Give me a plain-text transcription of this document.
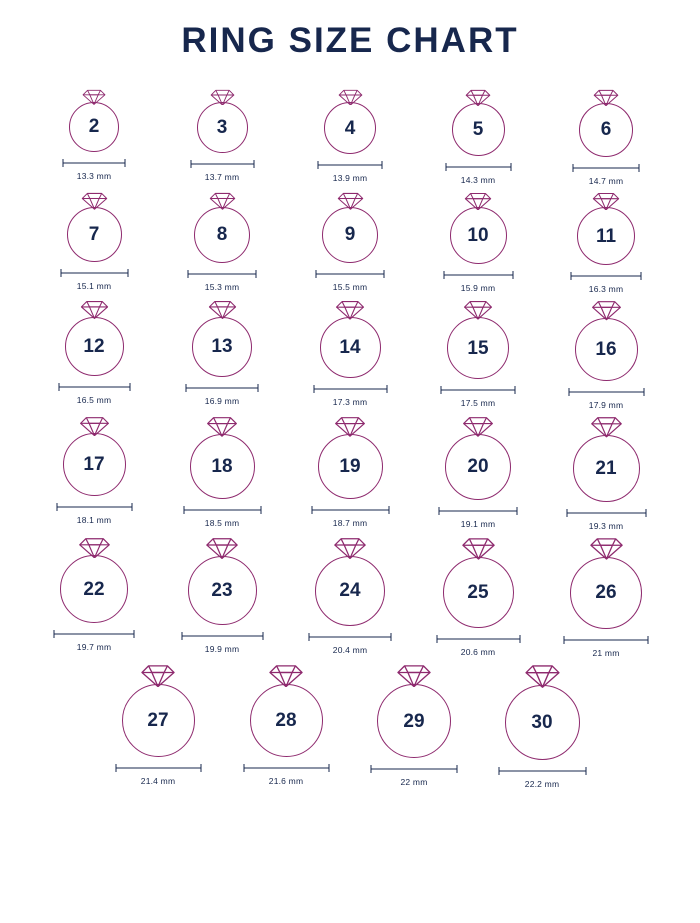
RING SIZE CHART
2
13.3 mm
3
13.7 mm
4
13.9 mm
5
14.3 mm
6
14.7 mm
7
15.1 mm
8
15.3 mm
9
15.5 mm
10
15.9 mm
11
16.3 mm
12
16.5 mm
13
16.9 mm
14
17.3 mm
15
17.5 mm
16
17.9 mm
17
18.1 mm
18
18.5 mm
19
18.7 mm
20
19.1 mm
21
19.3 mm
22
19.7 mm
23
19.9 mm
24
20.4 mm
25
20.6 mm
26
21 mm
27
21.4 mm
28
21.6 mm
29
22 mm
30
22.2 mm
